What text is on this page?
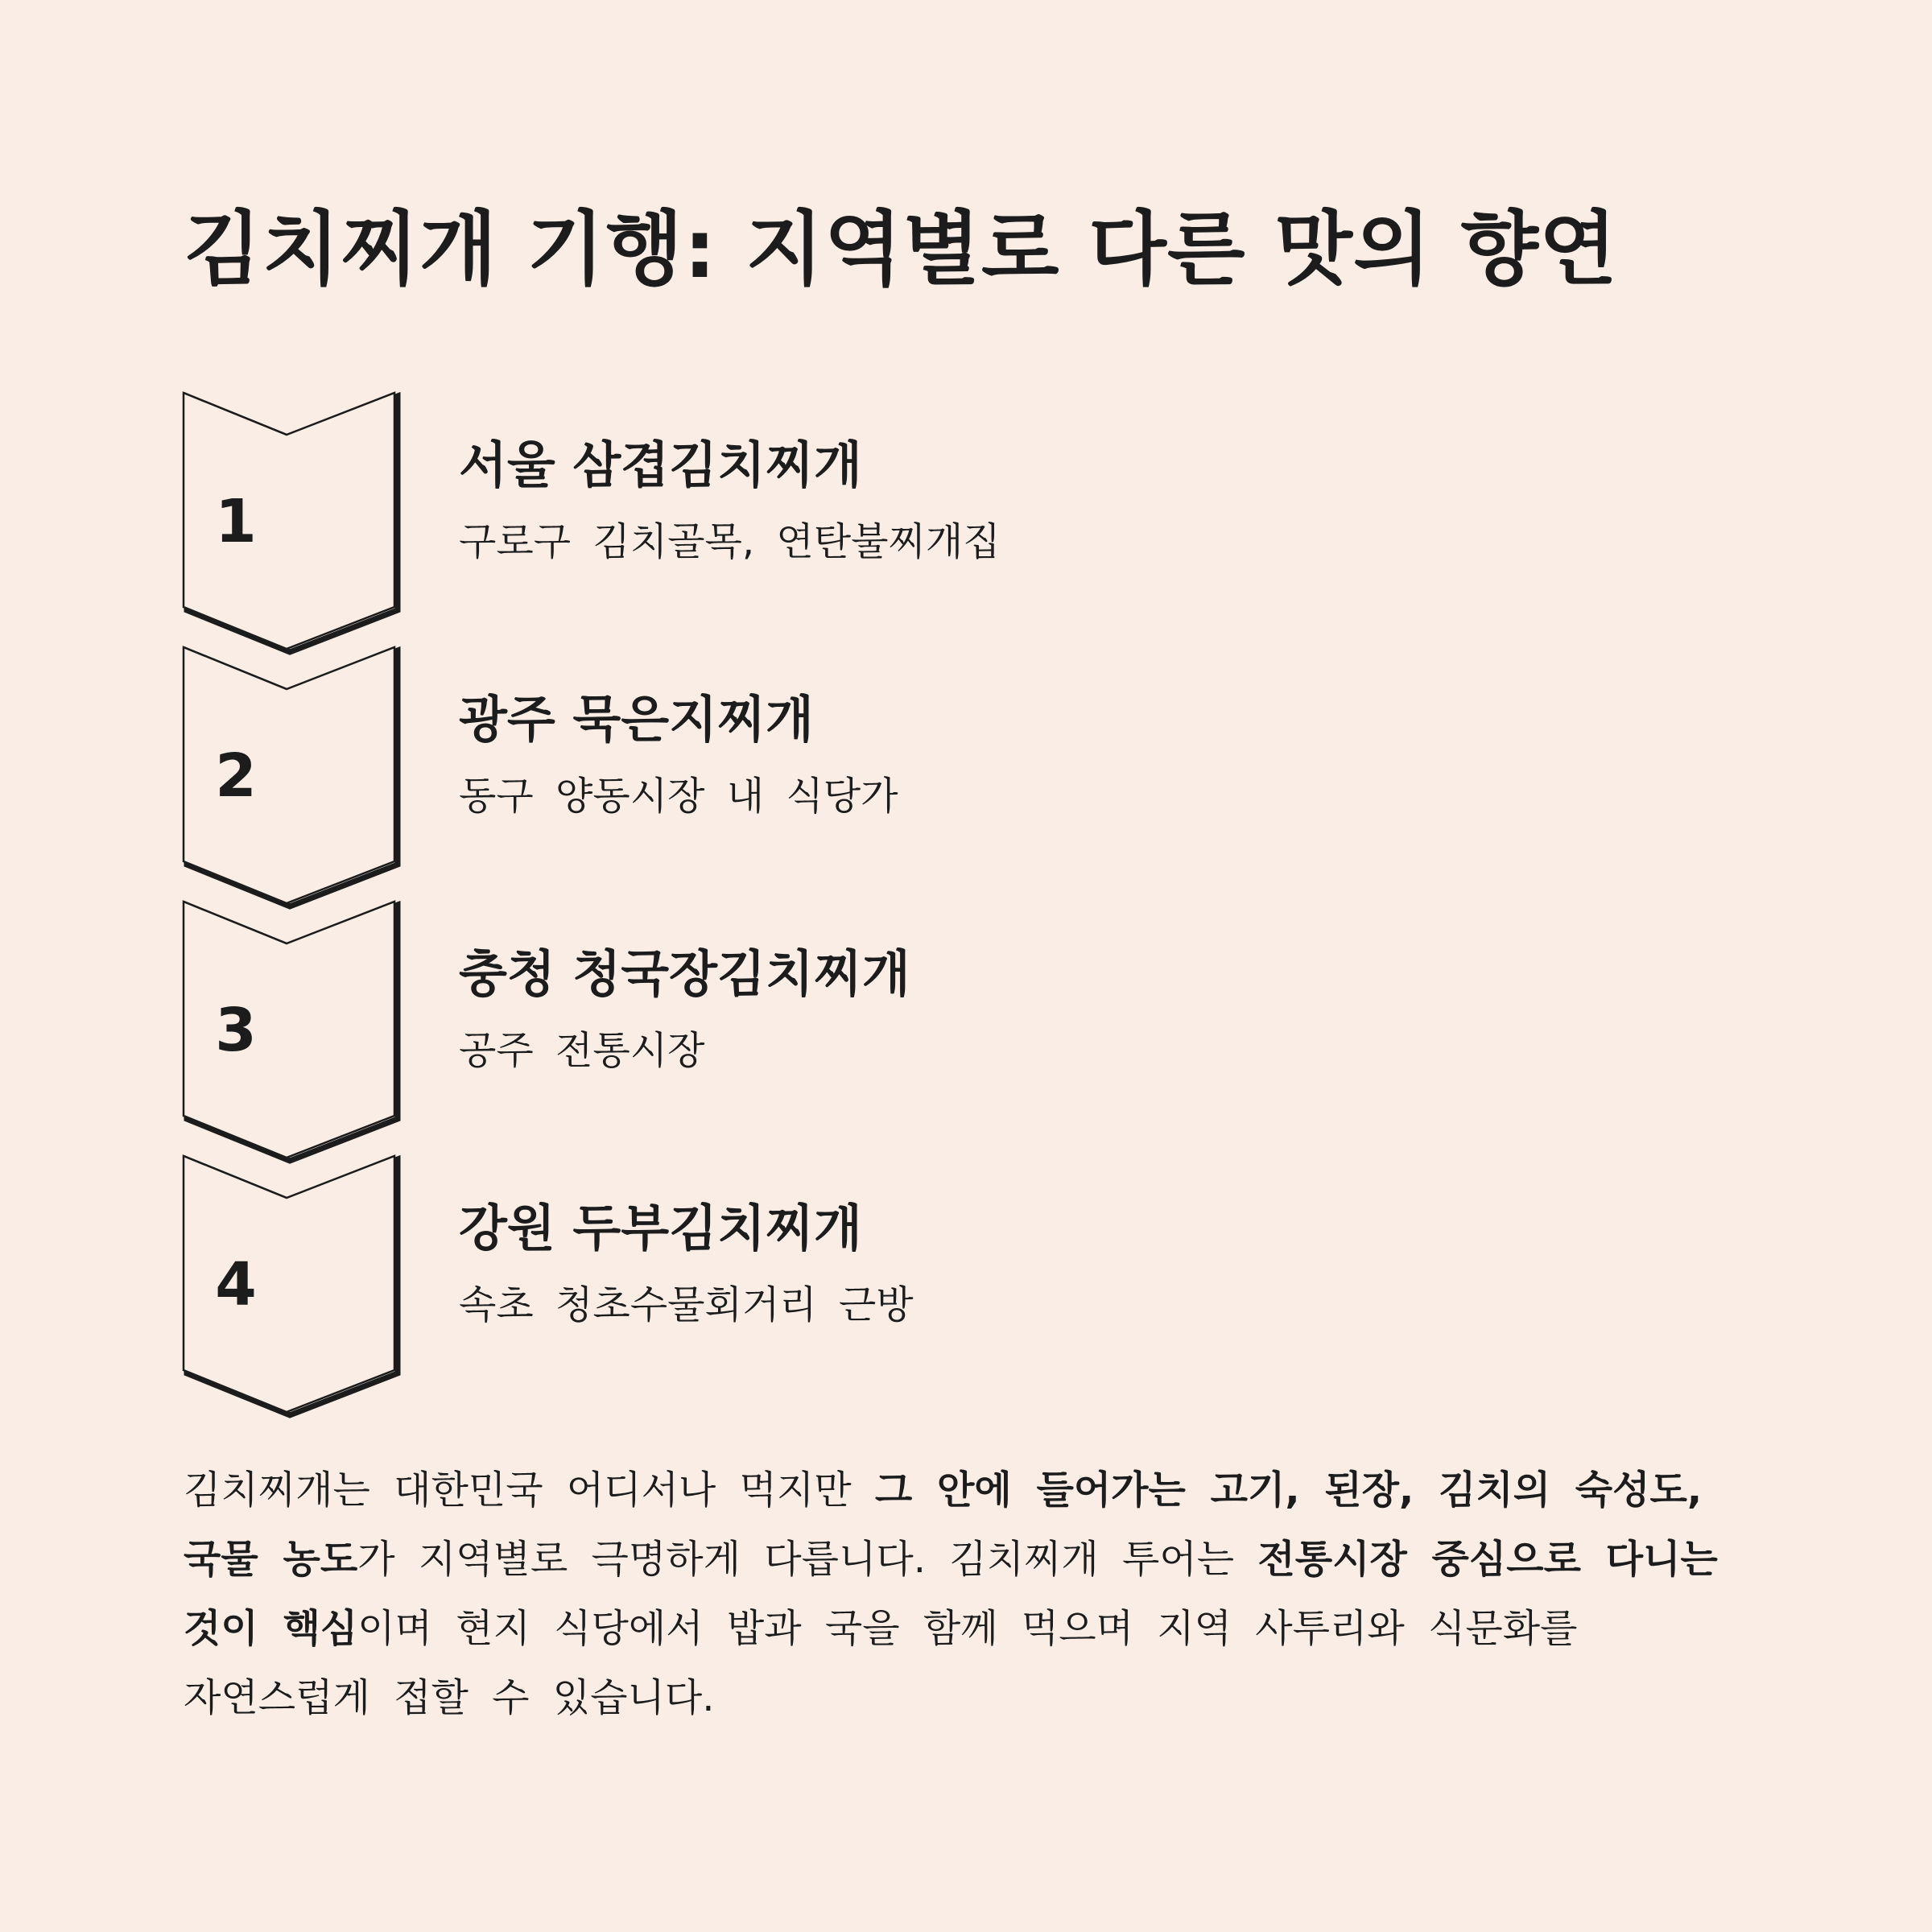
김치찌개 기행: 지역별로 다른 맛의 향연
1
서울 삼겹김치찌개
구로구 김치골목, 연탄불찌개집
2
광주 묵은지찌개
동구 양동시장 내 식당가
3
충청 청국장김치찌개
공주 전통시장
4
강원 두부김치찌개
속초 청초수물회거리 근방

김치찌개는 대한민국 어디서나 먹지만 그 안에 들어가는 고기, 된장, 김치의 숙성도, 국물 농도가 지역별로 극명하게 다릅니다. 김치찌개 투어는 전통시장 중심으로 다니는 것이 핵심이며 현지 식당에서 밥과 국을 함께 먹으며 지역 사투리와 식문화를 자연스럽게 접할 수 있습니다.
